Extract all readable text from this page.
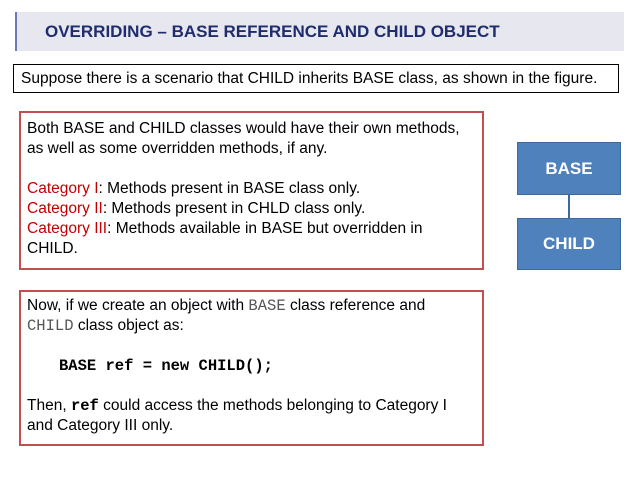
OVERRIDING – BASE REFERENCE AND CHILD OBJECT
Suppose there is a scenario that CHILD inherits BASE class, as shown in the figure.
Both BASE and CHILD classes would have their own methods,
as well as some overridden methods, if any.
Category I: Methods present in BASE class only.
Category II: Methods present in CHLD class only.
Category III: Methods available in BASE but overridden in
CHILD.
Now, if we create an object with BASE class reference and
CHILD class object as:
BASE ref = new CHILD();
Then, ref could access the methods belonging to Category I
and Category III only.
BASE
CHILD
